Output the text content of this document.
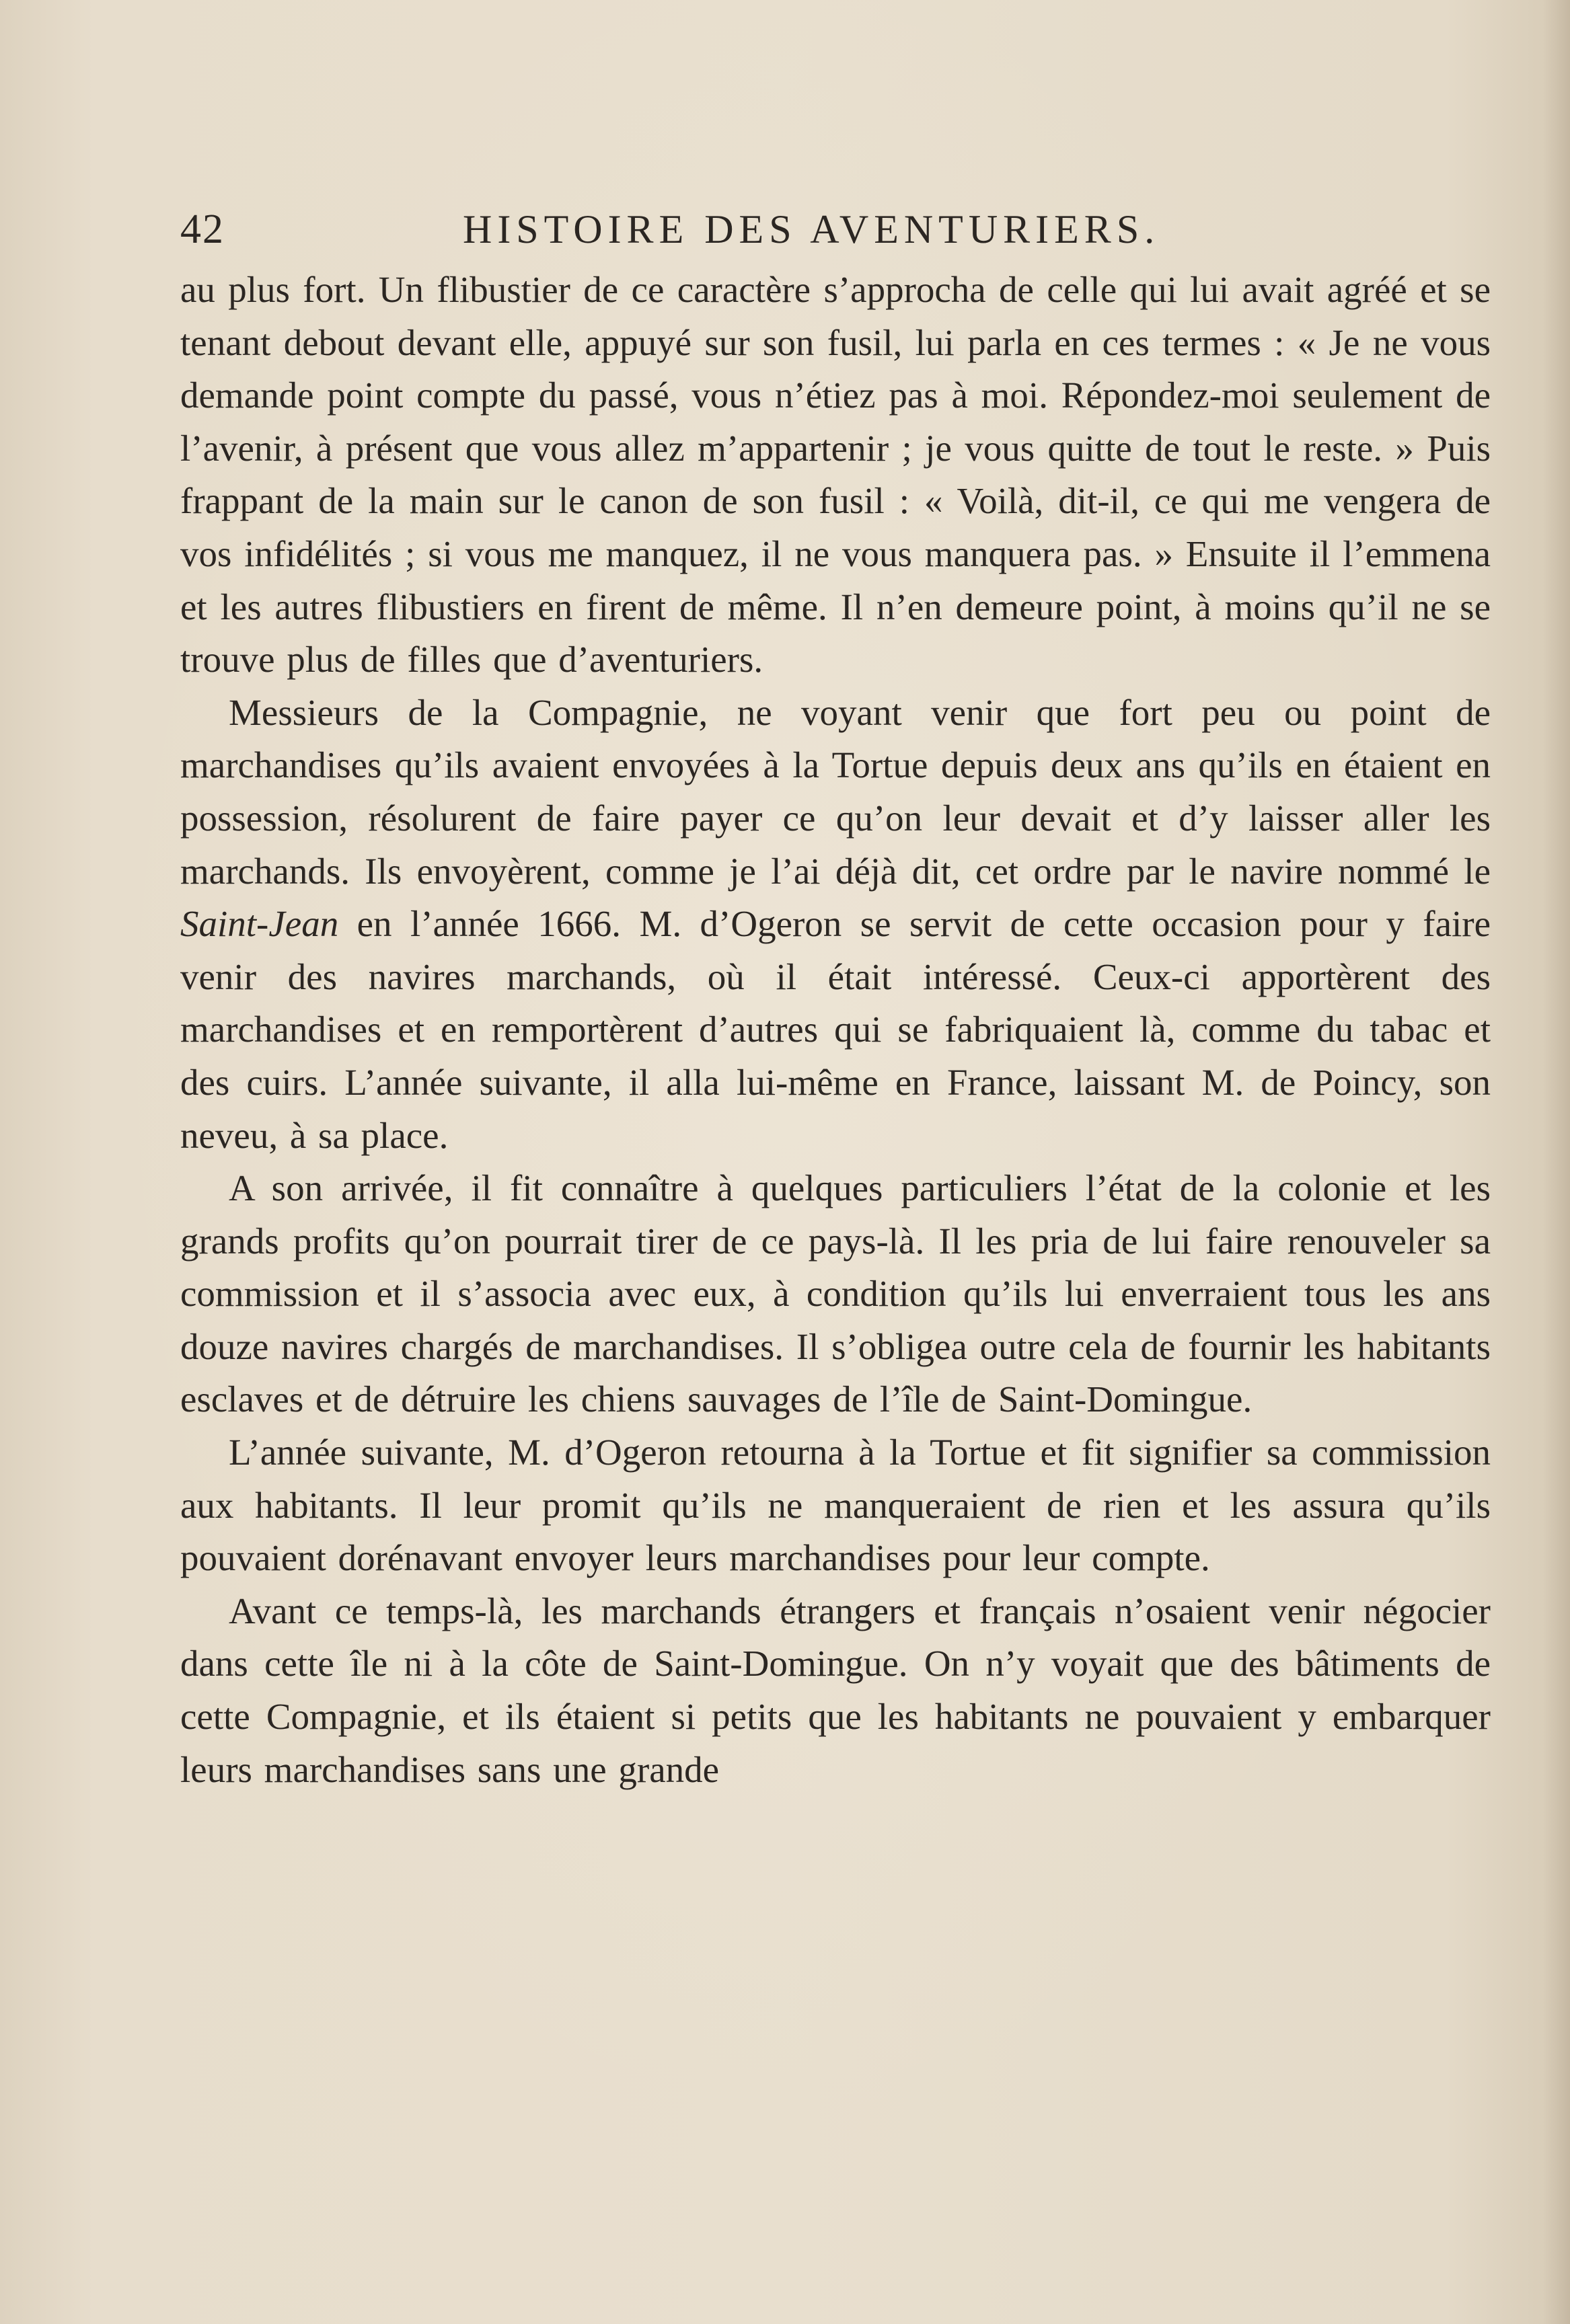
42	HISTOIRE DES AVENTURIERS.

au plus fort. Un flibustier de ce caractère s’approcha de celle qui lui avait agréé et se tenant debout devant elle, appuyé sur son fusil, lui parla en ces termes : « Je ne vous demande point compte du passé, vous n’étiez pas à moi. Répondez-moi seulement de l’avenir, à présent que vous allez m’appartenir ; je vous quitte de tout le reste. » Puis frappant de la main sur le canon de son fusil : « Voilà, dit-il, ce qui me vengera de vos infidélités ; si vous me manquez, il ne vous manquera pas. » Ensuite il l’emmena et les autres flibustiers en firent de même. Il n’en demeure point, à moins qu’il ne se trouve plus de filles que d’aventuriers.

Messieurs de la Compagnie, ne voyant venir que fort peu ou point de marchandises qu’ils avaient envoyées à la Tortue depuis deux ans qu’ils en étaient en possession, résolurent de faire payer ce qu’on leur devait et d’y laisser aller les marchands. Ils envoyèrent, comme je l’ai déjà dit, cet ordre par le navire nommé le Saint-Jean en l’année 1666. M. d’Ogeron se servit de cette occasion pour y faire venir des navires marchands, où il était intéressé. Ceux-ci apportèrent des marchandises et en remportèrent d’autres qui se fabriquaient là, comme du tabac et des cuirs. L’année suivante, il alla lui-même en France, laissant M. de Poincy, son neveu, à sa place.

A son arrivée, il fit connaître à quelques particuliers l’état de la colonie et les grands profits qu’on pourrait tirer de ce pays-là. Il les pria de lui faire renouveler sa commission et il s’associa avec eux, à condition qu’ils lui enverraient tous les ans douze navires chargés de marchandises. Il s’obligea outre cela de fournir les habitants esclaves et de détruire les chiens sauvages de l’île de Saint-Domingue.

L’année suivante, M. d’Ogeron retourna à la Tortue et fit signifier sa commission aux habitants. Il leur promit qu’ils ne manqueraient de rien et les assura qu’ils pouvaient dorénavant envoyer leurs marchandises pour leur compte.

Avant ce temps-là, les marchands étrangers et français n’osaient venir négocier dans cette île ni à la côte de Saint-Domingue. On n’y voyait que des bâtiments de cette Compagnie, et ils étaient si petits que les habitants ne pouvaient y embarquer leurs marchandises sans une grande
